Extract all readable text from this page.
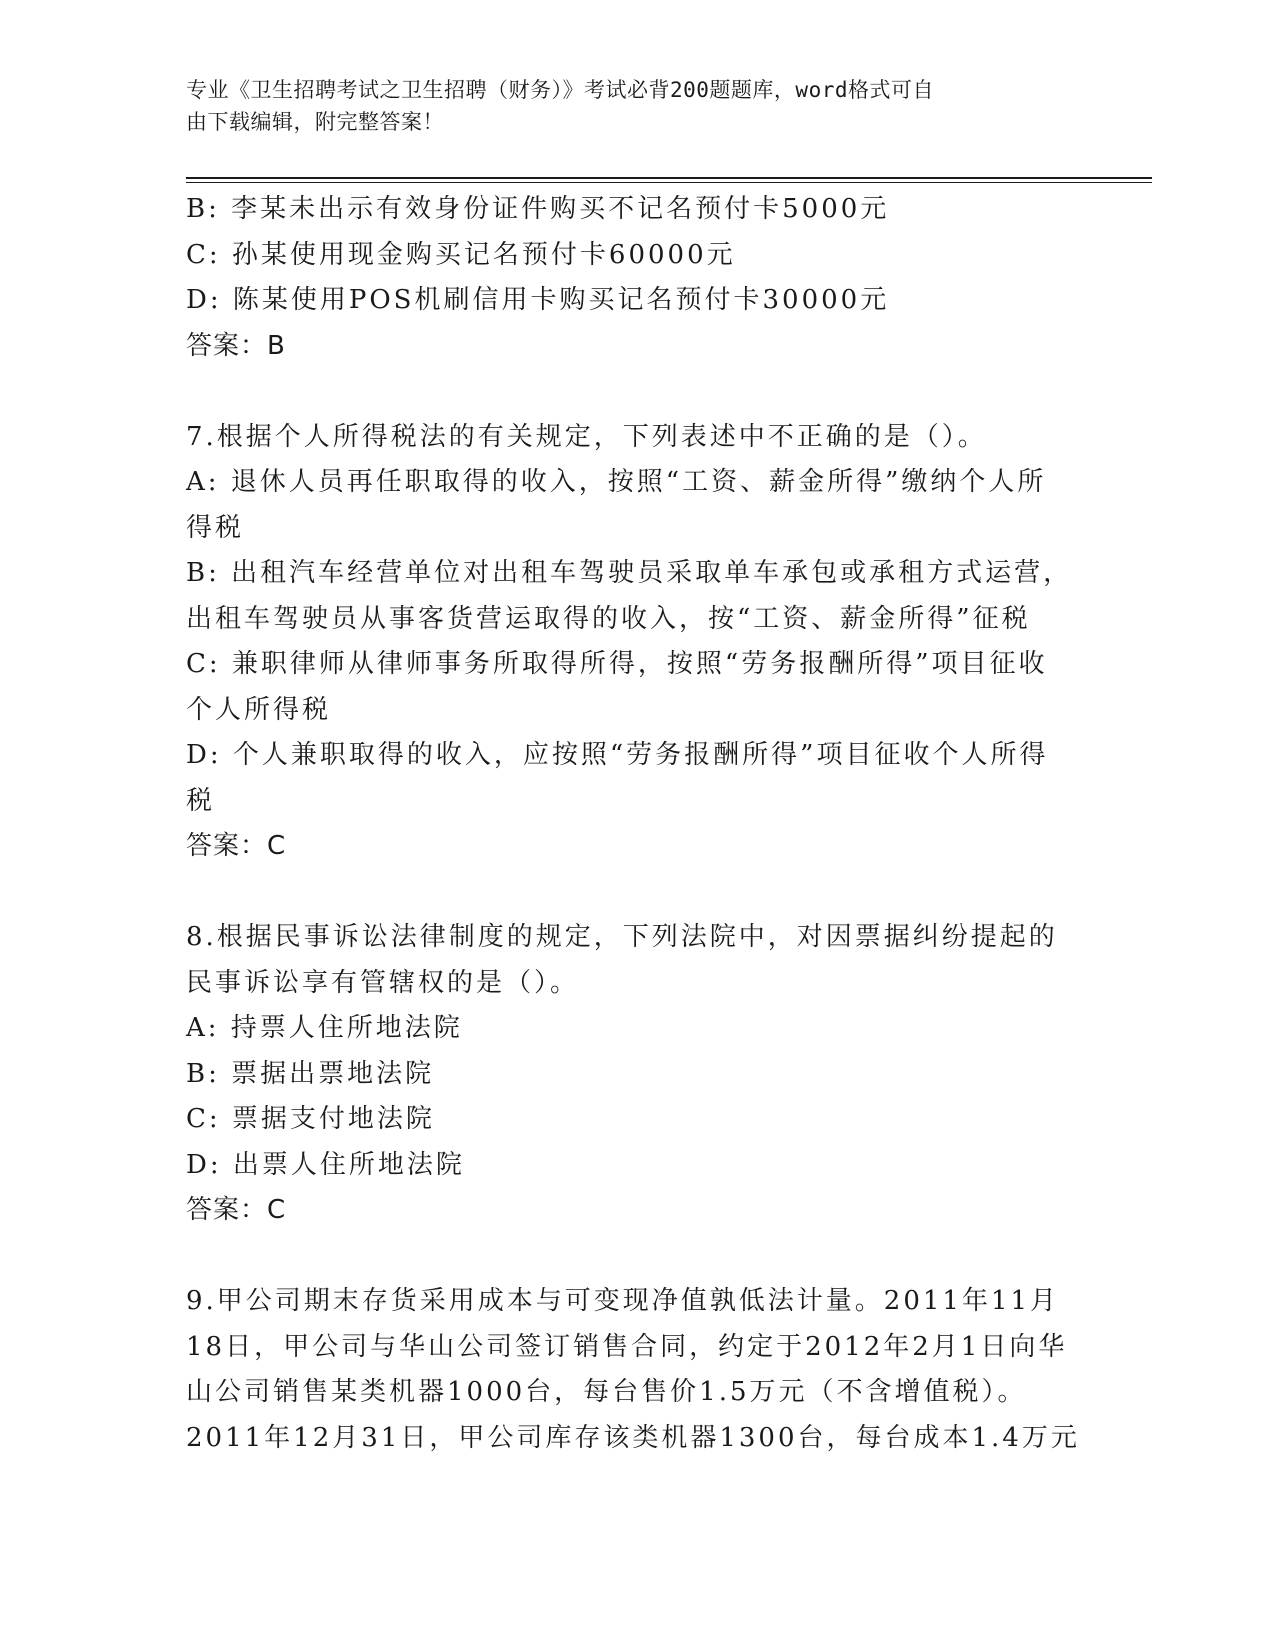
专业《卫生招聘考试之卫生招聘（财务）》考试必背200题题库，word格式可自
由下载编辑，附完整答案！
B: 李某未出示有效身份证件购买不记名预付卡5000元
C: 孙某使用现金购买记名预付卡60000元
D: 陈某使用POS机刷信用卡购买记名预付卡30000元
答案：B
7.根据个人所得税法的有关规定，下列表述中不正确的是（）。
A: 退休人员再任职取得的收入，按照“工资、薪金所得”缴纳个人所
得税
B: 出租汽车经营单位对出租车驾驶员采取单车承包或承租方式运营，
出租车驾驶员从事客货营运取得的收入，按“工资、薪金所得”征税
C: 兼职律师从律师事务所取得所得，按照“劳务报酬所得”项目征收
个人所得税
D: 个人兼职取得的收入，应按照“劳务报酬所得”项目征收个人所得
税
答案：C
8.根据民事诉讼法律制度的规定，下列法院中，对因票据纠纷提起的
民事诉讼享有管辖权的是（）。
A: 持票人住所地法院
B: 票据出票地法院
C: 票据支付地法院
D: 出票人住所地法院
答案：C
9.甲公司期末存货采用成本与可变现净值孰低法计量。2011年11月
18日，甲公司与华山公司签订销售合同，约定于2012年2月1日向华
山公司销售某类机器1000台，每台售价1.5万元（不含增值税）。
2011年12月31日，甲公司库存该类机器1300台，每台成本1.4万元
